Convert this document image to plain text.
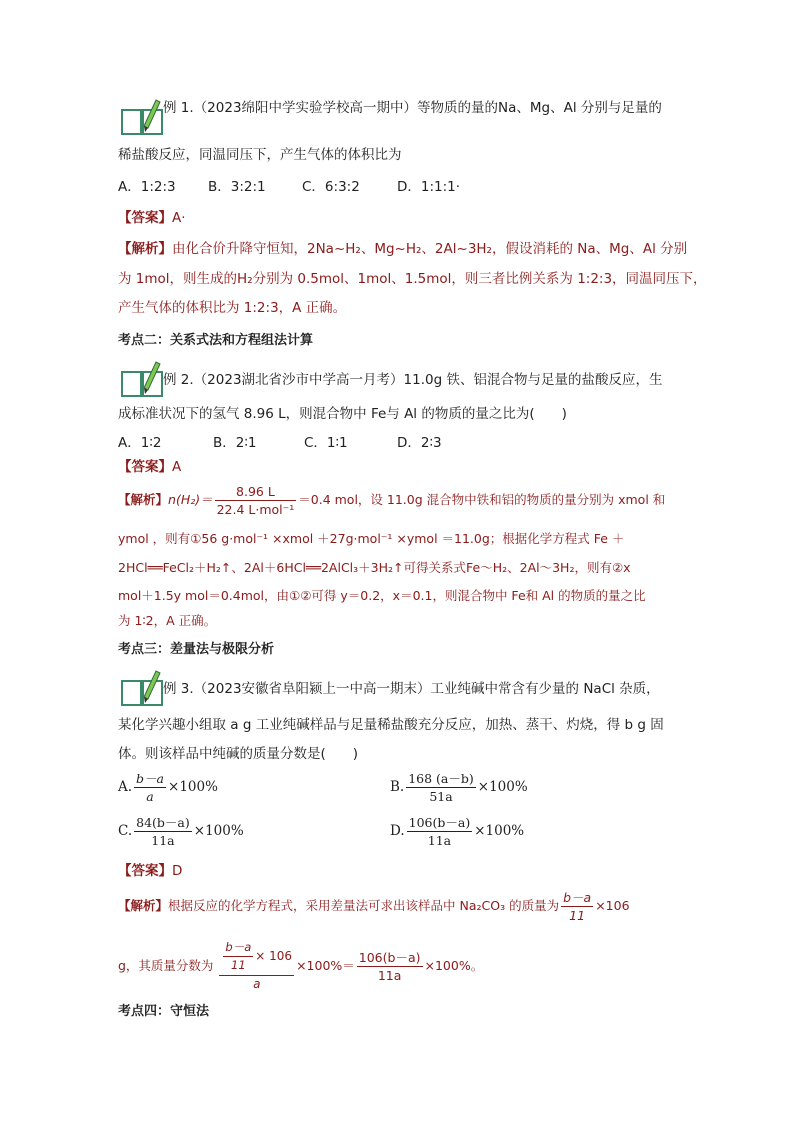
例 1.（2023绵阳中学实验学校高一期中）等物质的量的Na、Mg、Al 分别与足量的
稀盐酸反应，同温同压下，产生气体的体积比为
A．1:2:3 B．3:2:1	C．6:3:2	D．1:1:1·
【答案】A·
【解析】由化合价升降守恒知，2Na~H₂、Mg~H₂、2Al~3H₂，假设消耗的 Na、Mg、Al 分别
为 1mol，则生成的H₂分别为 0.5mol、1mol、1.5mol，则三者比例关系为 1:2:3，同温同压下，
产生气体的体积比为 1:2:3，A 正确。
考点二：关系式法和方程组法计算
例 2.（2023湖北省沙市中学高一月考）11.0g 铁、铝混合物与足量的盐酸反应，生
成标准状况下的氢气 8.96 L，则混合物中 Fe与 Al 的物质的量之比为(　　)
A．1∶2	B．2∶1	C．1∶1	D．2∶3
【答案】A
【解析】$n(H_2)= \frac{8.96 L}{\text{22.4 L·mol⁻¹}} =0.4$ mol，设 11.0g 混合物中铁和铝的物质的量分别为 xmol 和
ymol ，则有①56 g·mol⁻¹ ×xmol ＋27g·mol⁻¹ ×ymol ＝11.0g；根据化学方程式 Fe ＋
2HCl══FeCl₂＋H₂↑、2Al＋6HCl══2AlCl₃＋3H₂↑可得关系式Fe～H₂、2Al～3H₂，则有②x
mol＋1.5y mol＝0.4mol，由①②可得 y＝0.2，x＝0.1，则混合物中 Fe和 Al 的物质的量之比
为 1∶2，A 正确。
考点三：差量法与极限分析
例 3.（2023安徽省阜阳颍上一中高一期末）工业纯碱中常含有少量的 NaCl 杂质，
某化学兴趣小组取 a g 工业纯碱样品与足量稀盐酸充分反应，加热、蒸干、灼烧，得 b g 固
体。则该样品中纯碱的质量分数是(　　)
A. $\frac{b-a}{a} \times 100\%$	B. $\frac{168 (a-b)}{51a} \times 100\%$
C. $\frac{84(b-a)}{11a} \times 100\%$	D. $\frac{106(b-a)}{11a} \times 100\%$
【答案】D
【解析】根据反应的化学方程式，采用差量法可求出该样品中 Na₂CO₃ 的质量为 $\frac{b-a}{11} \times 106$
g，其质量分数为 $\frac{\frac{b-a}{11} \times 106}{a} \times 100\%= \frac{106(b-a)}{11a} \times 100\%$。
考点四：守恒法
